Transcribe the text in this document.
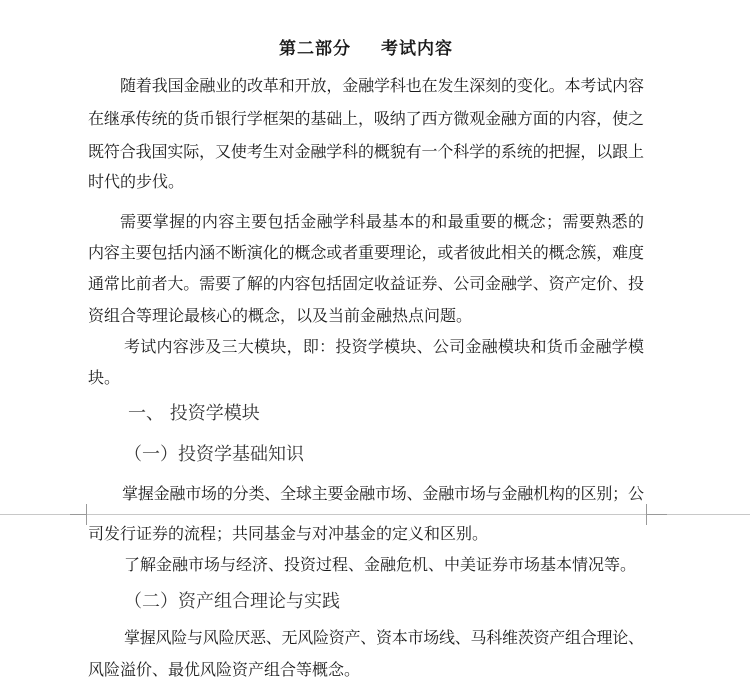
第二部分 考试内容
随着我国金融业的改革和开放，金融学科也在发生深刻的变化。本考试内容
在继承传统的货币银行学框架的基础上，吸纳了西方微观金融方面的内容，使之
既符合我国实际，又使考生对金融学科的概貌有一个科学的系统的把握，以跟上
时代的步伐。
需要掌握的内容主要包括金融学科最基本的和最重要的概念；需要熟悉的
内容主要包括内涵不断演化的概念或者重要理论，或者彼此相关的概念簇，难度
通常比前者大。需要了解的内容包括固定收益证券、公司金融学、资产定价、投
资组合等理论最核心的概念，以及当前金融热点问题。
考试内容涉及三大模块，即：投资学模块、公司金融模块和货币金融学模
块。
一、 投资学模块
（一）投资学基础知识
掌握金融市场的分类、全球主要金融市场、金融市场与金融机构的区别；公
司发行证券的流程；共同基金与对冲基金的定义和区别。
了解金融市场与经济、投资过程、金融危机、中美证券市场基本情况等。
（二）资产组合理论与实践
掌握风险与风险厌恶、无风险资产、资本市场线、马科维茨资产组合理论、
风险溢价、最优风险资产组合等概念。
